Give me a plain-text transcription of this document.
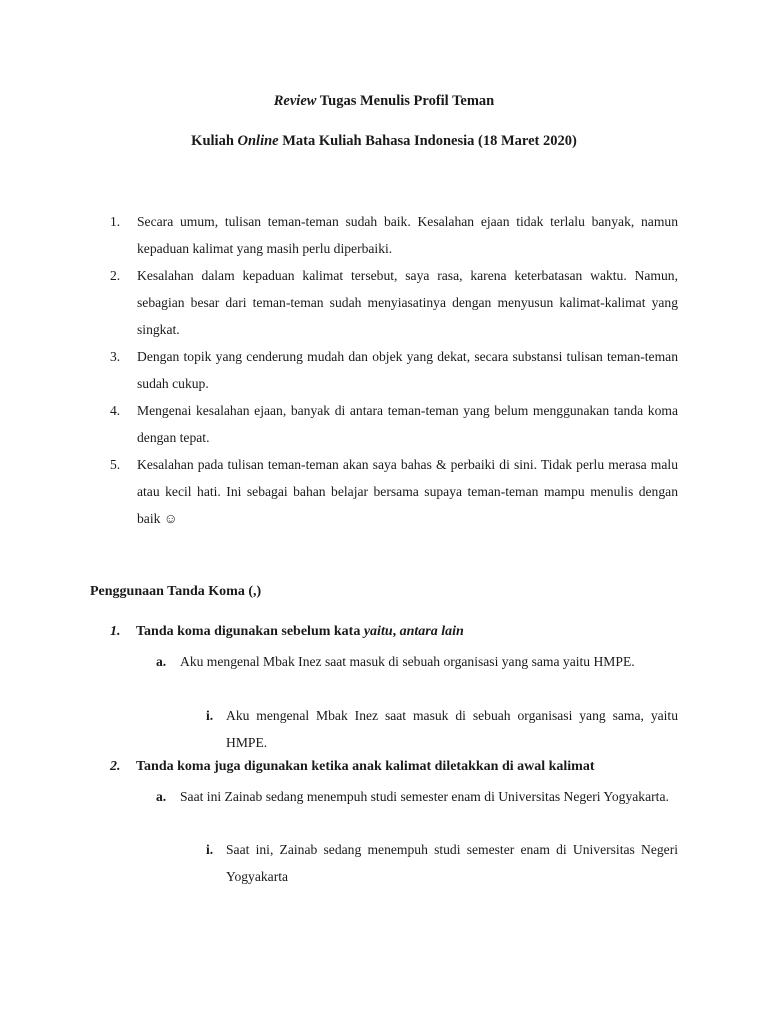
Review Tugas Menulis Profil Teman
Kuliah Online Mata Kuliah Bahasa Indonesia (18 Maret 2020)
1. Secara umum, tulisan teman-teman sudah baik. Kesalahan ejaan tidak terlalu banyak, namun kepaduan kalimat yang masih perlu diperbaiki.
2. Kesalahan dalam kepaduan kalimat tersebut, saya rasa, karena keterbatasan waktu. Namun, sebagian besar dari teman-teman sudah menyiasatinya dengan menyusun kalimat-kalimat yang singkat.
3. Dengan topik yang cenderung mudah dan objek yang dekat, secara substansi tulisan teman-teman sudah cukup.
4. Mengenai kesalahan ejaan, banyak di antara teman-teman yang belum menggunakan tanda koma dengan tepat.
5. Kesalahan pada tulisan teman-teman akan saya bahas & perbaiki di sini. Tidak perlu merasa malu atau kecil hati. Ini sebagai bahan belajar bersama supaya teman-teman mampu menulis dengan baik ☺
Penggunaan Tanda Koma (,)
1. Tanda koma digunakan sebelum kata yaitu, antara lain
a. Aku mengenal Mbak Inez saat masuk di sebuah organisasi yang sama yaitu HMPE.
i. Aku mengenal Mbak Inez saat masuk di sebuah organisasi yang sama, yaitu HMPE.
2. Tanda koma juga digunakan ketika anak kalimat diletakkan di awal kalimat
a. Saat ini Zainab sedang menempuh studi semester enam di Universitas Negeri Yogyakarta.
i. Saat ini, Zainab sedang menempuh studi semester enam di Universitas Negeri Yogyakarta
